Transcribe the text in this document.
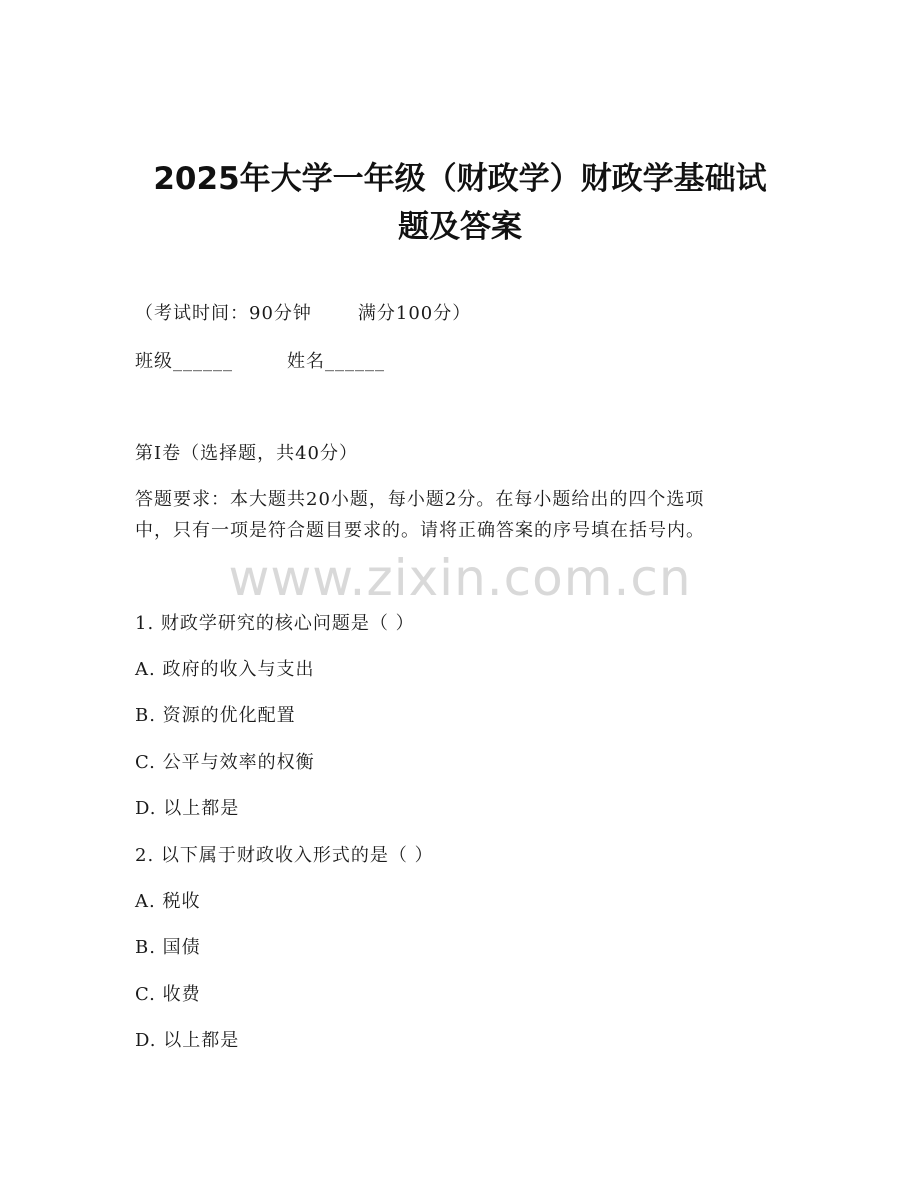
2025年大学一年级（财政学）财政学基础试
题及答案
（考试时间：90分钟	满分100分）
班级______	姓名______
第I卷（选择题，共40分）
答题要求：本大题共20小题，每小题2分。在每小题给出的四个选项
中，只有一项是符合题目要求的。请将正确答案的序号填在括号内。
www.zixin.com.cn
1. 财政学研究的核心问题是（ ）
A. 政府的收入与支出
B. 资源的优化配置
C. 公平与效率的权衡
D. 以上都是
2. 以下属于财政收入形式的是（ ）
A. 税收
B. 国债
C. 收费
D. 以上都是
